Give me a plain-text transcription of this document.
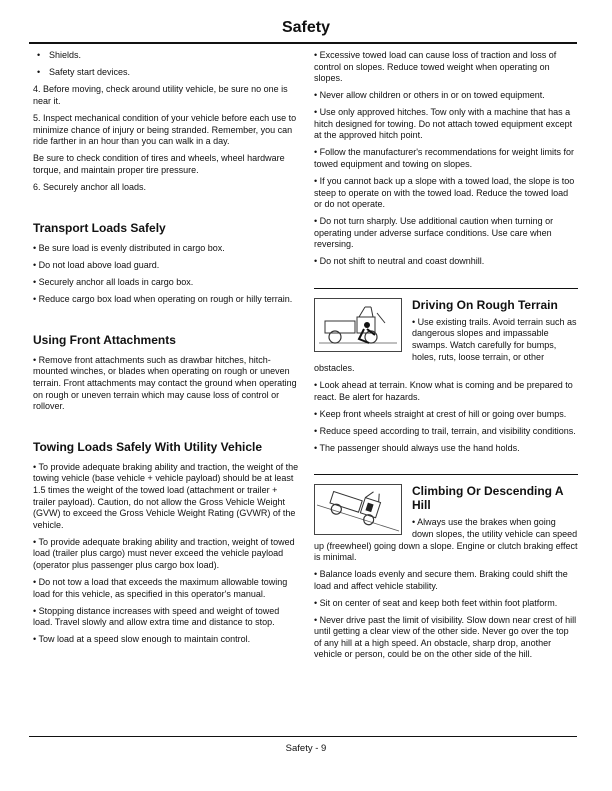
Safety

• Shields.

• Safety start devices.

4. Before moving, check around utility vehicle, be sure no one is near it.

5. Inspect mechanical condition of your vehicle before each use to minimize chance of injury or being stranded. Remember, you can ride farther in an hour than you can walk in a day.

Be sure to check condition of tires and wheels, wheel hardware torque, and maintain proper tire pressure.

6. Securely anchor all loads.

Transport Loads Safely

• Be sure load is evenly distributed in cargo box.

• Do not load above load guard.

• Securely anchor all loads in cargo box.

• Reduce cargo box load when operating on rough or hilly terrain.

Using Front Attachments

• Remove front attachments such as drawbar hitches, hitch-mounted winches, or blades when operating on rough or uneven terrain. Front attachments may contact the ground when operating on rough or uneven terrain which may cause loss of control or rollover.

Towing Loads Safely With Utility Vehicle

• To provide adequate braking ability and traction, the weight of the towing vehicle (base vehicle + vehicle payload) should be at least 1.5 times the weight of the towed load (attachment or trailer + trailer payload). Caution, do not allow the Gross Vehicle Weight (GVW) to exceed the Gross Vehicle Weight Rating (GVWR) of the vehicle.

• To provide adequate braking ability and traction, weight of towed load (trailer plus cargo) must never exceed the vehicle payload (operator plus passenger plus cargo box load).

• Do not tow a load that exceeds the maximum allowable towing load for this vehicle, as specified in this operator's manual.

• Stopping distance increases with speed and weight of towed load. Travel slowly and allow extra time and distance to stop.

• Tow load at a speed slow enough to maintain control.

• Excessive towed load can cause loss of traction and loss of control on slopes. Reduce towed weight when operating on slopes.

• Never allow children or others in or on towed equipment.

• Use only approved hitches. Tow only with a machine that has a hitch designed for towing. Do not attach towed equipment except at the approved hitch point.

• Follow the manufacturer's recommendations for weight limits for towed equipment and towing on slopes.

• If you cannot back up a slope with a towed load, the slope is too steep to operate on with the towed load. Reduce the towed load or do not operate.

• Do not turn sharply. Use additional caution when turning or operating under adverse surface conditions. Use care when reversing.

• Do not shift to neutral and coast downhill.

Driving On Rough Terrain

• Use existing trails. Avoid terrain such as dangerous slopes and impassable swamps. Watch carefully for bumps, holes, ruts, loose terrain, or other obstacles.

• Look ahead at terrain. Know what is coming and be prepared to react. Be alert for hazards.

• Keep front wheels straight at crest of hill or going over bumps.

• Reduce speed according to trail, terrain, and visibility conditions.

• The passenger should always use the hand holds.

Climbing Or Descending A Hill

• Always use the brakes when going down slopes, the utility vehicle can speed up (freewheel) going down a slope. Engine or clutch braking effect is minimal.

• Balance loads evenly and secure them. Braking could shift the load and affect vehicle stability.

• Sit on center of seat and keep both feet within foot platform.

• Never drive past the limit of visibility. Slow down near crest of hill until getting a clear view of the other side. Never go over the top of any hill at a high speed. An obstacle, sharp drop, another vehicle or person, could be on the other side of the hill.

Safety - 9
